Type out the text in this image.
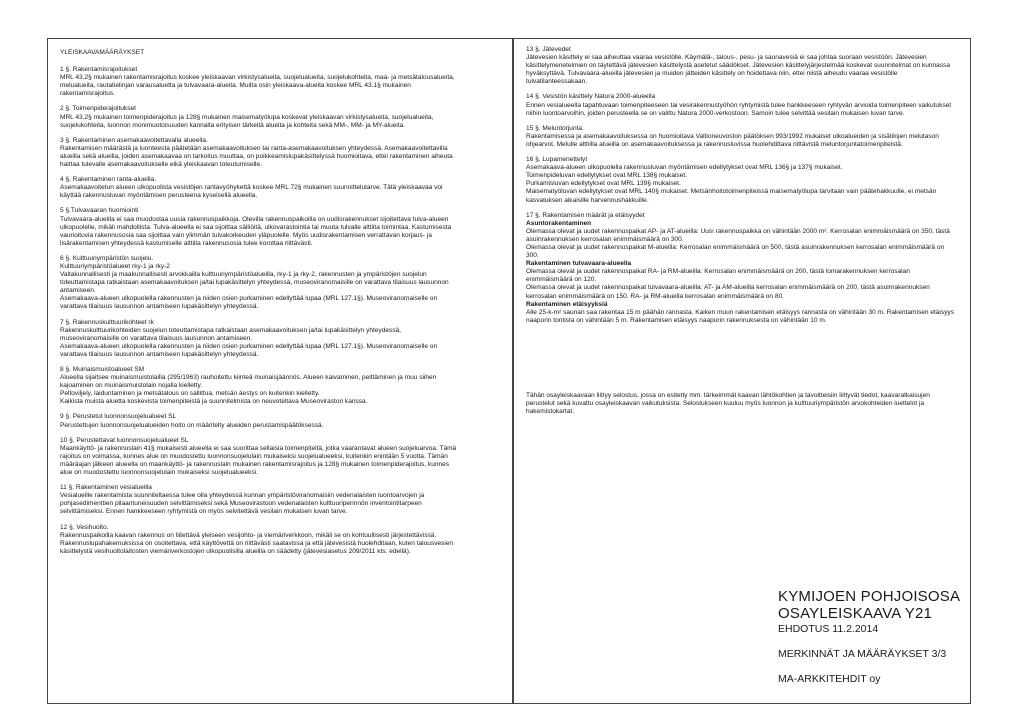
YLEISKAAVAMÄÄRÄYKSET
1 §. Rakentamisrajoitukset
MRL 43.2§ mukainen rakentamisrajoitus koskee yleiskaavan virkistysalueita, suojelualueita, suojelukohteita, maa- ja metsätalousalueita, melualueita, rautatielinjan varausaluetta ja tulvavaara-alueita. Muilta osin yleiskaava-alueita koskee MRL 43.1§ mukainen rakentamisrajoitus.
2 §. Toimenpiderajoitukset
MRL 43.2§ mukainen toimenpiderajoitus ja 128§ mukainen maisematyölupa koskevat yleiskaavan virkistysalueita, suojelualueita, suojelukohteita, luonnon monimuotoisuuden kannalta erityisen tärkeitä alueita ja kohteita sekä MM-, MM- ja MY-alueita.
3 §. Rakentaminen asemakaavoitettavalla alueella.
Rakentamisen määrästä ja luonteesta päätetään asemakaavoituksen tai ranta-asemakaavoituksen yhteydessä. Asemakaavoitettavilla alueilla sekä alueilla, joiden asemakaavaa on tarkoitus muuttaa, on poikkeamislupakäsittelyssä huomioitava, ettei rakentaminen aiheuta haittaa tulevalle asemakaavoitukselle eikä yleiskaavan toteutumiselle.
4 §. Rakentaminen ranta-alueilla.
Asemakaavoitetun alueen ulkopuolista vesistöjen rantavyöhykettä koskee MRL 72§ mukainen suunnittelutarve. Tätä yleiskaavaa voi käyttää rakennusluvan myöntämisen perusteena kyseisellä alueella.
5 §.Tulvavaaran huomiointi
Tulvavaara-alueilla ei saa muodostaa uusia rakennuspaikkoja. Olevilla rakennuspaikoilla on uudisrakennukset sijoitettava tulva-alueen ulkopuolelle, mikäli mahdollista. Tulva-alueella ei saa sijoittaa säiliöitä, ulkovarastointia tai muuta tulvalle alttiita toimintaa. Kastumisesta vaurioituvia rakennusosia saa sijoittaa vain ylimmän tulvakorkeuden yläpuolelle. Myös uudisrakentamisen verrattavan korjaus- ja lisärakentamisen yhteydessä kastumiselle alttiita rakennusosia tulee korottaa riittävästi.
6 §. Kulttuuriympäristön suojelu.
Kulttuuriympäristöalueet rky-1 ja rky-2
Valtakunnallisesti ja maakunnallisesti arvokkailla kulttuuriympäristöalueilla, rky-1 ja rky-2, rakennusten ja ympäristöjen suojelun toteuttamistapa ratkaistaan asemakaavoituksen ja/tai lupakäsittelyn yhteydessä, museoviranomaisille on varattava tilaisuus lausunnon antamiseen.
Asemakaava-alueen ulkopuolella rakennusten ja niiden osien purkaminen edellyttää lupaa (MRL 127.1§). Museoviranomaiselle on varattava tilaisuus lausunnon antamiseen lupakäsittelyn yhteydessä.
7 §. Rakennuskulttuurikohteet rk
Rakennuskulttuurikohteiden suojelun toteuttamistapa ratkaistaan asemakaavoituksen ja/tai lupakäsittelyn yhteydessä, museoviranomaisille on varattava tilaisuus lausunnon antamiseen.
Asemakaava-alueen ulkopuolella rakennusten ja niiden osien purkaminen edellyttää lupaa (MRL 127.1§). Museoviranomaiselle on varattava tilaisuus lausunnon antamiseen lupakäsittelyn yhteydessä.
8 §. Muinaismuistoalueet SM
Alueella sijaitsee muinaismuistolailla (295/1963) rauhoitettu kiinteä muinaisjäännös. Alueen kaivaminen, peittäminen ja muu siihen kajoaminen on muinaismuistolain nojalla kielletty.
Peltoviljely, laiduntaminen ja metsätalous on sallittua, metsän äestys on kuitenkin kielletty.
Kaikista muista aluetta koskevista toimenpiteistä ja suunnitelmista on neuvoteltava Museoviraston kanssa.
9 §. Perustetut luonnonsuojelualueet SL
Perustettujen luonnonsuojelualueiden hoito on määritelty alueiden perustamispäätöksessä.
10 §. Perustettavat luonnonsuojelualueet SL
Maankäyttö- ja rakennuslain 41§ mukaisesti alueella ei saa suorittaa sellaisia toimenpiteitä, jotka vaarantavat alueen suojeluarvoa. Tämä rajoitus on voimassa, kunnes alue on muodostettu luonnonsuojelulain mukaiseksi suojelualueeksi, kuitenkin enintään 5 vuotta. Tämän määräajan jälkeen alueella on maankäyttö- ja rakennuslain mukainen rakentamisrajoitus ja 128§ mukainen toimenpiderajoitus, kunnes alue on muodostettu luonnonsuojelulain mukaiseksi suojelualueeksi.
11 §. Rakentaminen vesialueilla
Vesialueille rakentamista suunniteltaessa tulee olla yhteydessä kunnan ympäristöviranomaisiin vedenalaisten luontoarvojen ja pohjasedimenttien pilaantuneisuuden selvittämiseksi sekä Museovirastoon vedenalaisten kulttuuriperinnön inventointitarpeen selvittämiseksi. Ennen hankkeeseen ryhtymistä on myös selvitettävä vesilain mukaisen luvan tarve.
12 §. Vesihuolto.
Rakennuspaikoilla kaavan rakennus on liitettävä yleiseen vesijohto- ja viemäriverkkoon, mikäli se on kohtuullisesti järjestettävissä. Rakennuslupahakemuksissa on osoitettava, että käyttövettä on riittävästi saatavissa ja että jätevesistä huolehditaan, kuten talousvesien käsittelystä vesihuoltolaitosten viemäriverkostojen ulkopuolisilla alueilla on säädetty (jätevesiasetus 209/2011 kts. edellä).
13 §. Jätevedet
Jätevesien käsittely ei saa aiheuttaa vaaraa vesistölle. Käymälä-, talous-, pesu- ja saunavesiä ei saa johtaa suoraan vesistöön. Jätevesien käsittelymenetelmien on täytettävä jätevesien käsittelystä asetetut säädökset. Jätevesien käsittelyjärjestelmää koskevat suunnitelmat on kunnassa hyväksyttävä. Tulvavaara-alueilla jätevesien ja muiden jätteiden käsittely on hoidettava niin, ettei niistä aiheudu vaaraa vesistölle tulvatilanteessakaan.
14 §. Vesistön käsittely Natura 2000-alueella
Ennen vesialueella tapahtuvaan toimenpiteeseen tai vesirakennustyöhön ryhtymistä tulee hankkeeseen ryhtyvän arvioida toimenpiteen vaikutukset niihin luontoarvoihin, joiden perusteella se on valittu Natura 2000-verkostoon. Samoin tulee selvittää vesilain mukaisen luvan tarve.
15 §. Meluntorjunta.
Rakentamisessa ja asemakaavoituksessa on huomioitava Valtioneuvoston päätöksen 993/1992 mukaiset ulkoalueiden ja sisätilojen melutason ohjearvot. Melulle alttiilla alueilla on asemakaavoituksessa ja rakennusluvissa huolehdittava riittävistä meluntorjuntatoimenpiteistä.
16 §. Lupamenettelyt
Asemakaava-alueen ulkopuolella rakennusluvan myöntämisen edellytykset ovat MRL 136§ ja 137§ mukaiset.
Toimenpideluvan edellytykset ovat MRL 138§ mukaiset.
Purkamisluvan edellytykset ovat MRL 139§ mukaiset.
Maisematyöluvan edellytykset ovat MRL 140§ mukaiset. Metsänhoitotoimenpiteissä maisematyölupa tarvitaan vain päätehakkuulle, ei metsän kasvatuksen aikaisille harvennushakkuille.
17 §. Rakentamisen määrät ja etäisyydet
Asuntorakentaminen
Olemassa olevat ja uudet rakennuspaikat AP- ja AT-alueilla: Uusi rakennuspaikka on vähintään 2000 m². Kerrosalan enimmäismäärä on 350, tästä asuinrakennuksen kerrosalan enimmäismäärä on 300.
Olemassa olevat ja uudet rakennuspaikat M-alueilla: Kerrosalan enimmäismäärä on 500, tästä asuinrakennuksen kerrosalan enimmäismäärä on 300.
Rakentaminen tulvavaara-alueella
Olemassa olevat ja uudet rakennuspaikat RA- ja RM-alueilla: Kerrosalan enimmäismäärä on 200, tästä lomarakennuksen kerrosalan enimmäismäärä on 120.
Olemassa olevat ja uudet rakennuspaikat tulvavaara-alueilla: AT- ja AM-alueilla kerrosalan enimmäismäärä on 200, tästä asuinrakennuksen kerrosalan enimmäismäärä on 150. RA- ja RM-alueilla kerrosalan enimmäismäärä on 80.
Rakentaminen etäisyyksiä
Alle 25-k-m² saunan saa rakentaa 15 m päähän rannasta. Kaiken muun rakentamisen etäisyys rannasta on vähintään 30 m. Rakentamisen etäisyys naapurin tontista on vähintään 5 m. Rakentamisen etäisyys naapurin rakennuksesta on vähintään 10 m.
Tähän osayleiskaavaan liittyy selostus, jossa on esitetty mm. tärkeimmät kaavan lähtökohtien ja tavoitteisiin liittyvät tiedot, kaavaratkaisujen perustelut sekä kuvattu osayleiskaavan vaikutuksista. Selostukseen kuuluu myös luonnon ja kulttuuriympäristön arvokohteiden luettelot ja hakemistokartat.
KYMIJOEN POHJOISOSA
OSAYLEISKAAVA Y21
EHDOTUS 11.2.2014
MERKINNÄT JA MÄÄRÄYKSET 3/3
MA-ARKKITEHDIT oy
